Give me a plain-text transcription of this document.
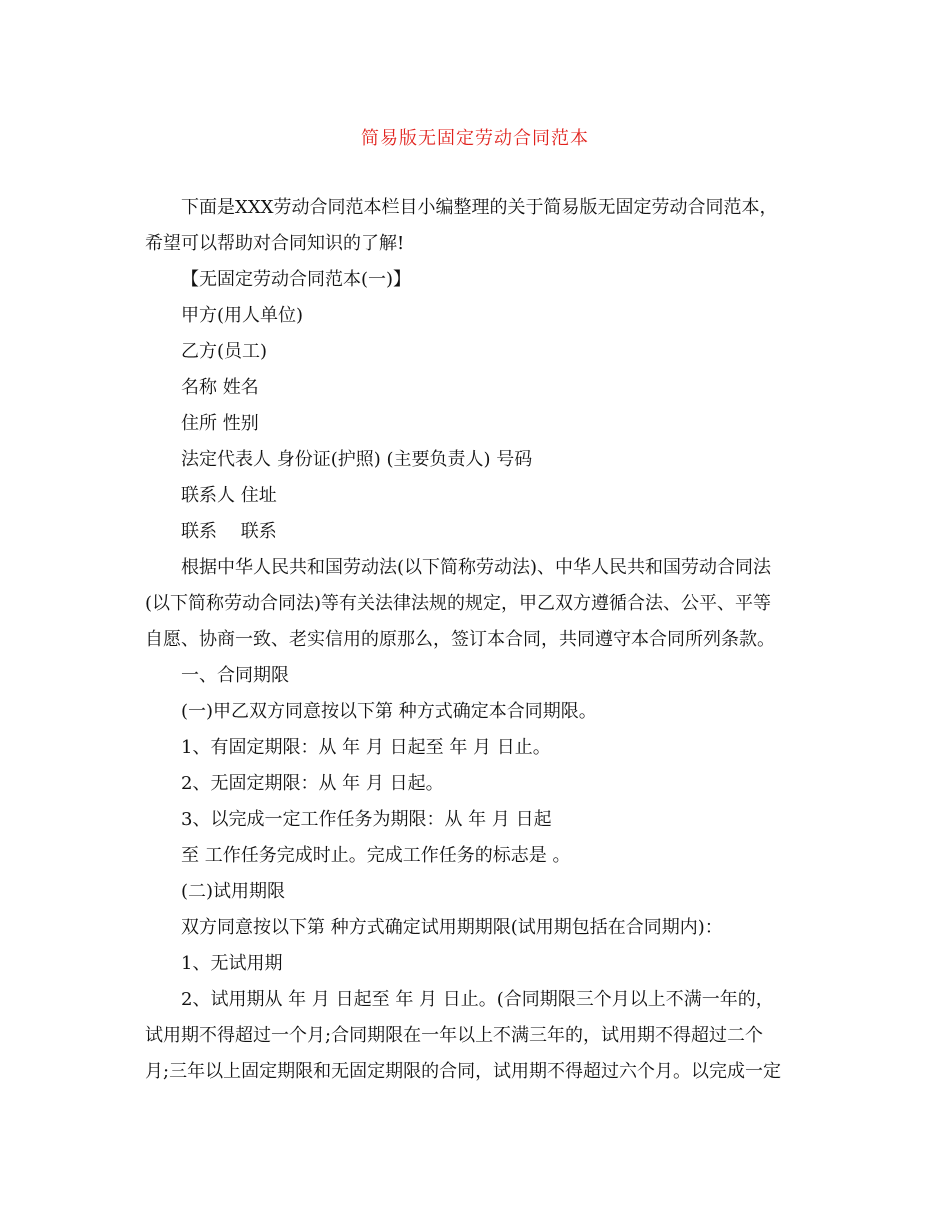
简易版无固定劳动合同范本
下面是XXX劳动合同范本栏目小编整理的关于简易版无固定劳动合同范本，
希望可以帮助对合同知识的了解!
【无固定劳动合同范本(一)】
甲方(用人单位)
乙方(员工)
名称 姓名
住所 性别
法定代表人 身份证(护照) (主要负责人) 号码
联系人 住址
联系　 联系
根据中华人民共和国劳动法(以下简称劳动法)、中华人民共和国劳动合同法
(以下简称劳动合同法)等有关法律法规的规定，甲乙双方遵循合法、公平、平等
自愿、协商一致、老实信用的原那么，签订本合同，共同遵守本合同所列条款。
一、合同期限
(一)甲乙双方同意按以下第 种方式确定本合同期限。
1、有固定期限：从 年 月 日起至 年 月 日止。
2、无固定期限：从 年 月 日起。
3、以完成一定工作任务为期限：从 年 月 日起
至 工作任务完成时止。完成工作任务的标志是 。
(二)试用期限
双方同意按以下第 种方式确定试用期期限(试用期包括在合同期内)：
1、无试用期
2、试用期从 年 月 日起至 年 月 日止。(合同期限三个月以上不满一年的，
试用期不得超过一个月;合同期限在一年以上不满三年的，试用期不得超过二个
月;三年以上固定期限和无固定期限的合同，试用期不得超过六个月。以完成一定
